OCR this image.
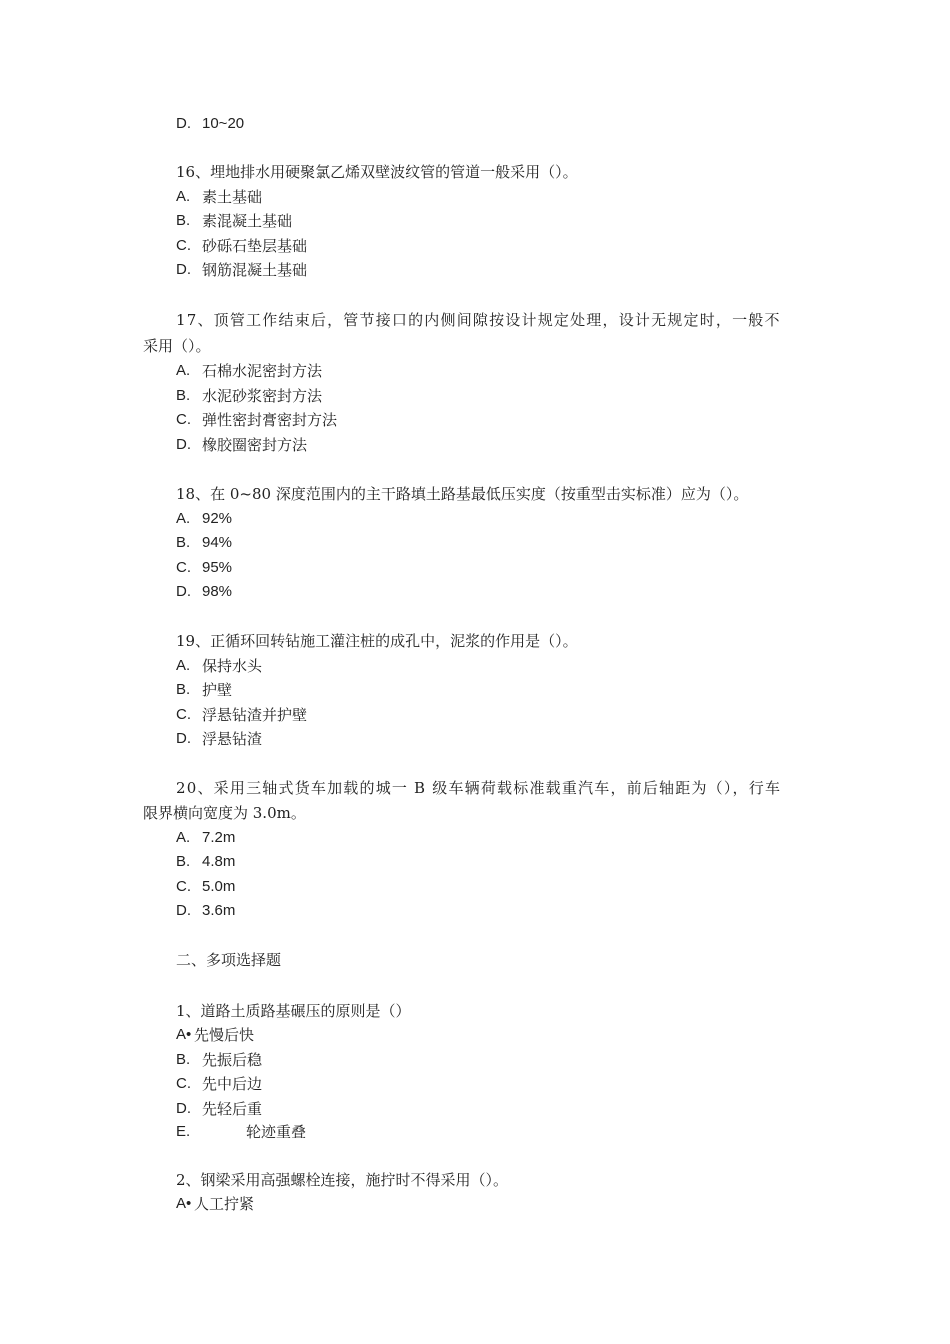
D. 10~20
16、埋地排水用硬聚氯乙烯双壁波纹管的管道一般采用（）。
A. 素土基础
B. 素混凝土基础
C. 砂砾石垫层基础
D. 钢筋混凝土基础
17、顶管工作结束后，管节接口的内侧间隙按设计规定处理，设计无规定时，一般不
采用（）。
A. 石棉水泥密封方法
B. 水泥砂浆密封方法
C. 弹性密封膏密封方法
D. 橡胶圈密封方法
18、在 0~80 深度范围内的主干路填土路基最低压实度（按重型击实标准）应为（）。
A. 92%
B. 94%
C. 95%
D. 98%
19、正循环回转钻施工灌注桩的成孔中，泥浆的作用是（）。
A. 保持水头
B. 护壁
C. 浮悬钻渣并护壁
D. 浮悬钻渣
20、采用三轴式货车加载的城一 B 级车辆荷载标准载重汽车，前后轴距为（），行车
限界横向宽度为 3.0m。
A. 7.2m
B. 4.8m
C. 5.0m
D. 3.6m
二、多项选择题
1、道路土质路基碾压的原则是（）
A• 先慢后快
B. 先振后稳
C. 先中后边
D. 先轻后重
E.	轮迹重叠
2、钢梁采用高强螺栓连接，施拧时不得采用（）。
A• 人工拧紧
